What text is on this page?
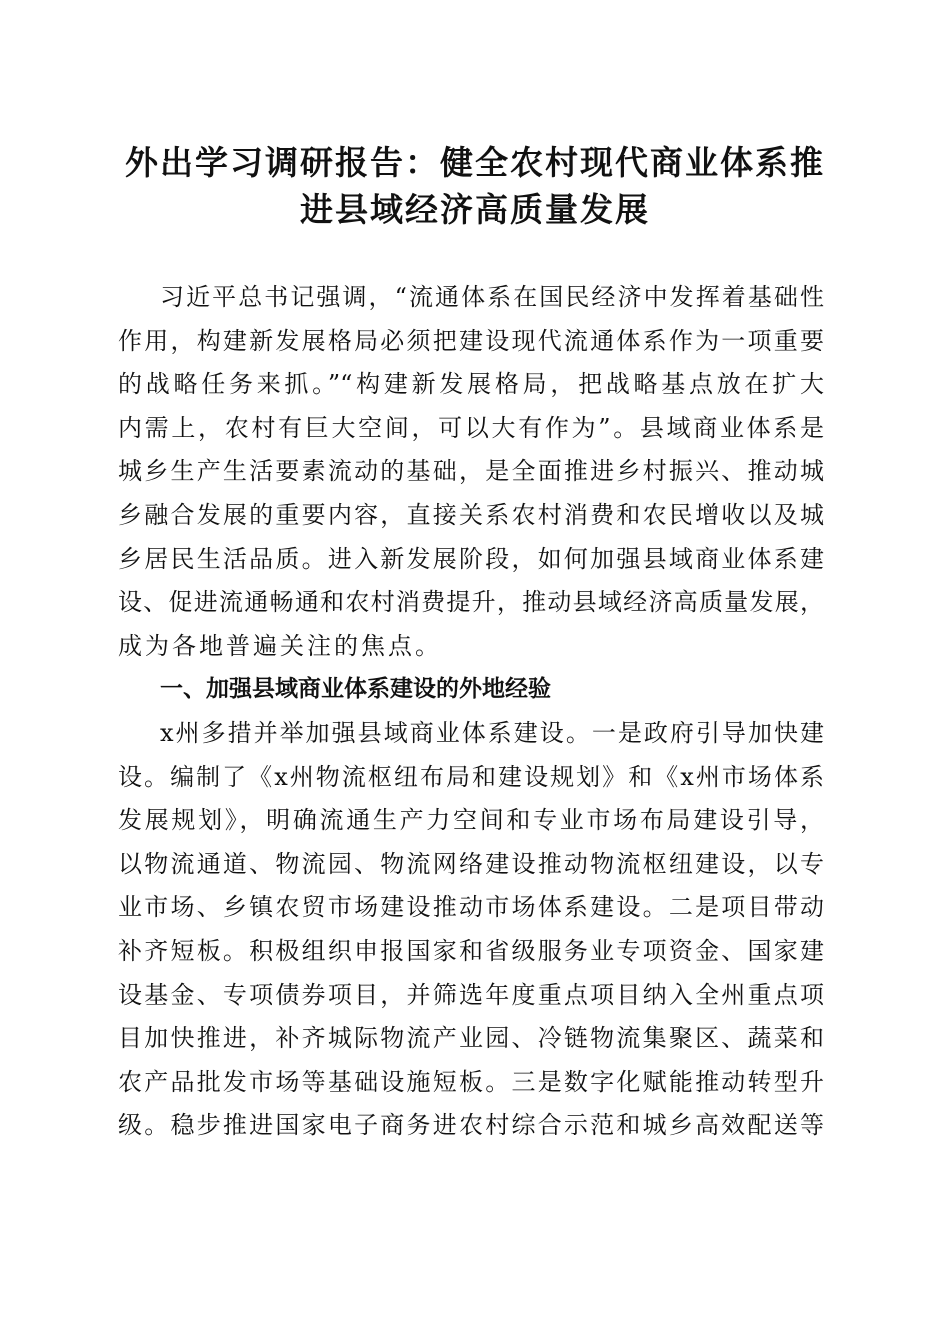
外出学习调研报告：健全农村现代商业体系推
进县域经济高质量发展
习近平总书记强调，“流通体系在国民经济中发挥着基础性
作用，构建新发展格局必须把建设现代流通体系作为一项重要
的战略任务来抓。”“构建新发展格局，把战略基点放在扩大
内需上，农村有巨大空间，可以大有作为”。县域商业体系是
城乡生产生活要素流动的基础，是全面推进乡村振兴、推动城
乡融合发展的重要内容，直接关系农村消费和农民增收以及城
乡居民生活品质。进入新发展阶段，如何加强县域商业体系建
设、促进流通畅通和农村消费提升，推动县域经济高质量发展，
成为各地普遍关注的焦点。
一、加强县域商业体系建设的外地经验
x州多措并举加强县域商业体系建设。一是政府引导加快建
设。编制了《x州物流枢纽布局和建设规划》和《x州市场体系
发展规划》，明确流通生产力空间和专业市场布局建设引导，
以物流通道、物流园、物流网络建设推动物流枢纽建设，以专
业市场、乡镇农贸市场建设推动市场体系建设。二是项目带动
补齐短板。积极组织申报国家和省级服务业专项资金、国家建
设基金、专项债券项目，并筛选年度重点项目纳入全州重点项
目加快推进，补齐城际物流产业园、冷链物流集聚区、蔬菜和
农产品批发市场等基础设施短板。三是数字化赋能推动转型升
级。稳步推进国家电子商务进农村综合示范和城乡高效配送等
